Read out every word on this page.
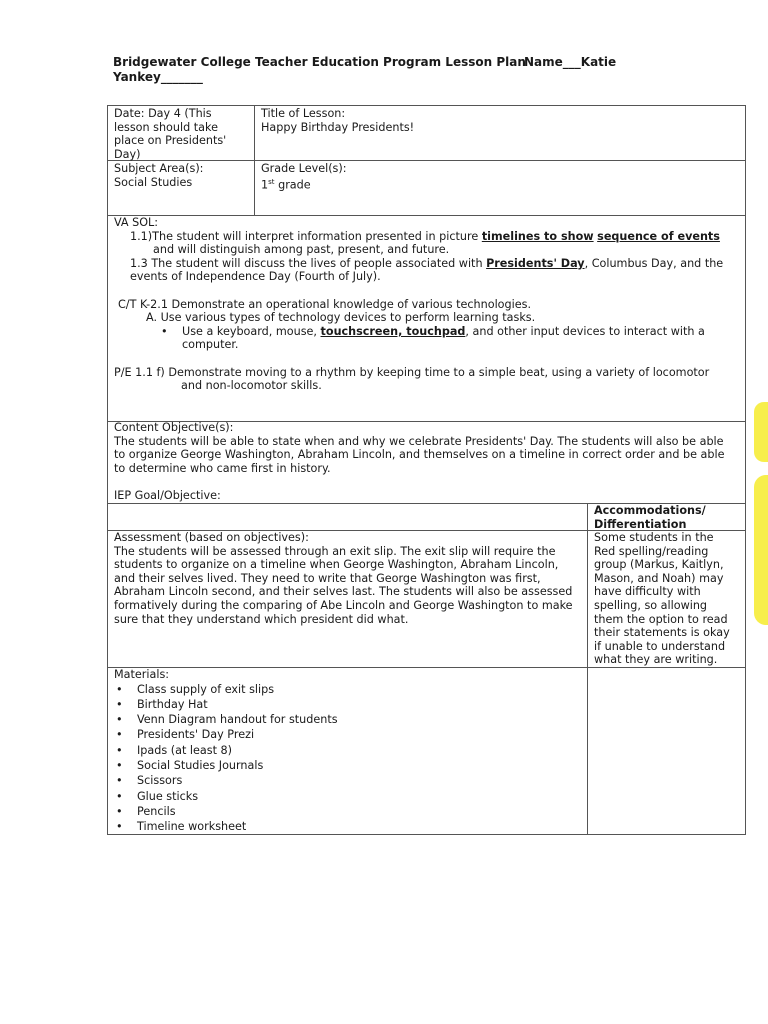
Bridgewater College Teacher Education Program Lesson Plan
Name___Katie
Yankey_______
Date: Day 4 (This lesson should take place on Presidents' Day)
Title of Lesson:
Happy Birthday Presidents!
Subject Area(s):
Social Studies
Grade Level(s):
1st grade
VA SOL:
1.1)The student will interpret information presented in picture timelines to show sequence of events
and will distinguish among past, present, and future.
1.3 The student will discuss the lives of people associated with Presidents' Day, Columbus Day, and the
events of Independence Day (Fourth of July).
C/T K-2.1 Demonstrate an operational knowledge of various technologies.
A. Use various types of technology devices to perform learning tasks.
• Use a keyboard, mouse, touchscreen, touchpad, and other input devices to interact with a
computer.
P/E 1.1 f) Demonstrate moving to a rhythm by keeping time to a simple beat, using a variety of locomotor
and non-locomotor skills.
Content Objective(s):
The students will be able to state when and why we celebrate Presidents' Day. The students will also be able
to organize George Washington, Abraham Lincoln, and themselves on a timeline in correct order and be able
to determine who came first in history.
IEP Goal/Objective:
Accommodations/
Differentiation
Assessment (based on objectives):
The students will be assessed through an exit slip. The exit slip will require the
students to organize on a timeline when George Washington, Abraham Lincoln,
and their selves lived. They need to write that George Washington was first,
Abraham Lincoln second, and their selves last. The students will also be assessed
formatively during the comparing of Abe Lincoln and George Washington to make
sure that they understand which president did what.
Some students in the
Red spelling/reading
group (Markus, Kaitlyn,
Mason, and Noah) may
have difficulty with
spelling, so allowing
them the option to read
their statements is okay
if unable to understand
what they are writing.
Materials:
• Class supply of exit slips
• Birthday Hat
• Venn Diagram handout for students
• Presidents' Day Prezi
• Ipads (at least 8)
• Social Studies Journals
• Scissors
• Glue sticks
• Pencils
• Timeline worksheet
